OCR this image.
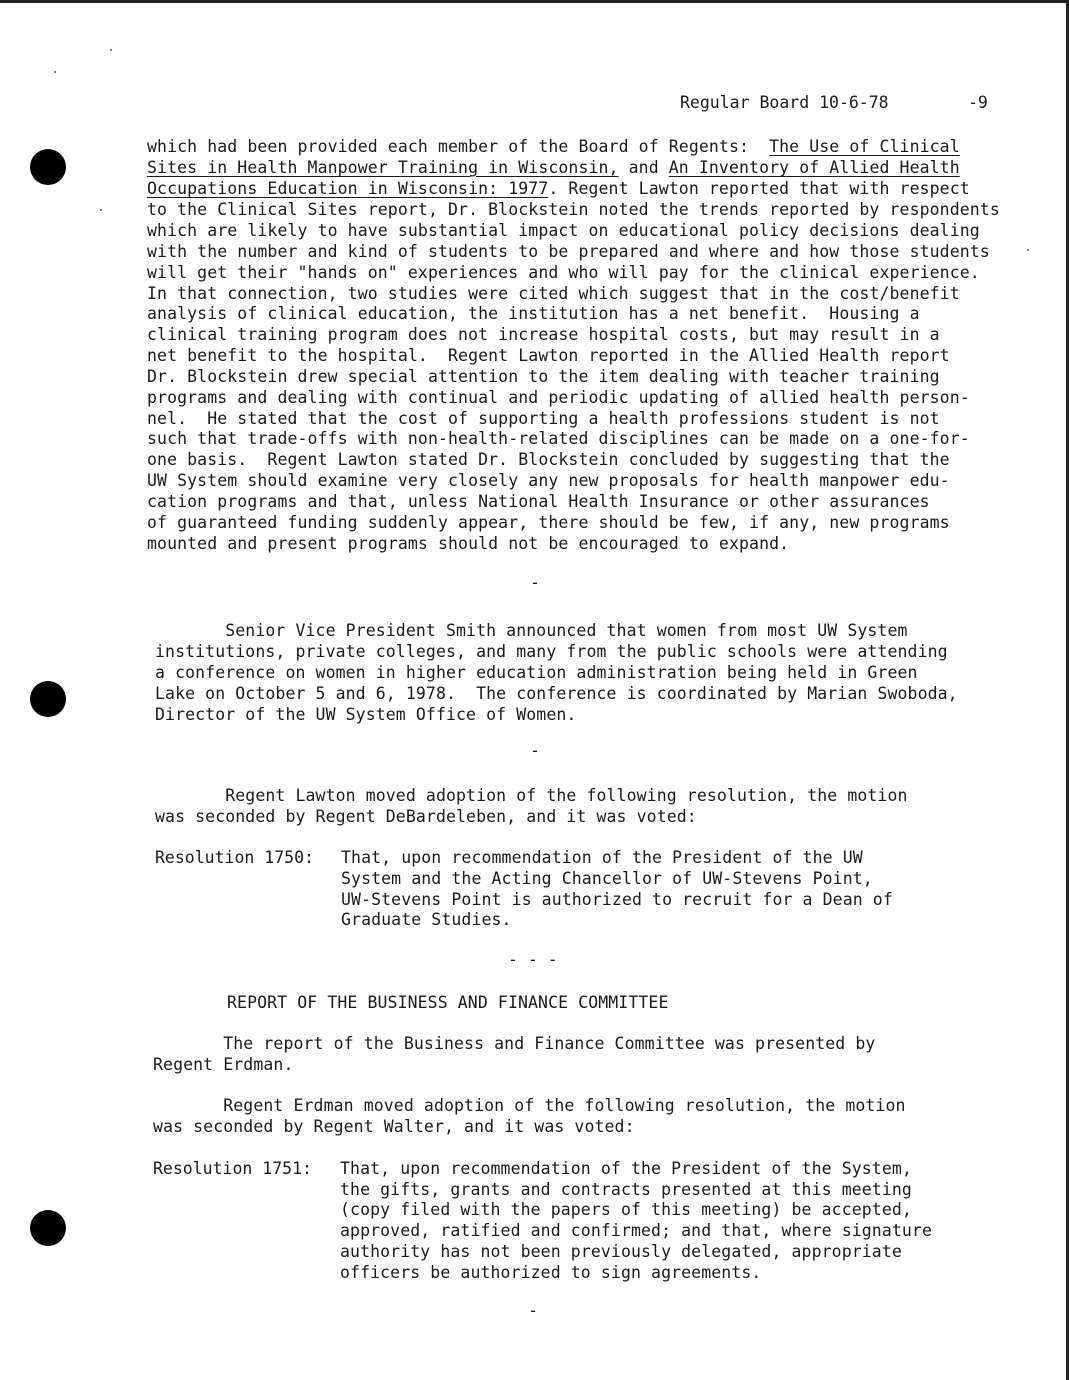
Regular Board 10-6-78	-9
which had been provided each member of the Board of Regents:  The Use of Clinical
Sites in Health Manpower Training in Wisconsin, and An Inventory of Allied Health
Occupations Education in Wisconsin: 1977. Regent Lawton reported that with respect
to the Clinical Sites report, Dr. Blockstein noted the trends reported by respondents
which are likely to have substantial impact on educational policy decisions dealing
with the number and kind of students to be prepared and where and how those students
will get their "hands on" experiences and who will pay for the clinical experience.
In that connection, two studies were cited which suggest that in the cost/benefit
analysis of clinical education, the institution has a net benefit.  Housing a
clinical training program does not increase hospital costs, but may result in a
net benefit to the hospital.  Regent Lawton reported in the Allied Health report
Dr. Blockstein drew special attention to the item dealing with teacher training
programs and dealing with continual and periodic updating of allied health person-
nel.  He stated that the cost of supporting a health professions student is not
such that trade-offs with non-health-related disciplines can be made on a one-for-
one basis.  Regent Lawton stated Dr. Blockstein concluded by suggesting that the
UW System should examine very closely any new proposals for health manpower edu-
cation programs and that, unless National Health Insurance or other assurances
of guaranteed funding suddenly appear, there should be few, if any, new programs
mounted and present programs should not be encouraged to expand.
-
Senior Vice President Smith announced that women from most UW System
institutions, private colleges, and many from the public schools were attending
a conference on women in higher education administration being held in Green
Lake on October 5 and 6, 1978.  The conference is coordinated by Marian Swoboda,
Director of the UW System Office of Women.
-
Regent Lawton moved adoption of the following resolution, the motion
was seconded by Regent DeBardeleben, and it was voted:
Resolution 1750: That, upon recommendation of the President of the UW
System and the Acting Chancellor of UW-Stevens Point,
UW-Stevens Point is authorized to recruit for a Dean of
Graduate Studies.
- - -
REPORT OF THE BUSINESS AND FINANCE COMMITTEE
The report of the Business and Finance Committee was presented by
Regent Erdman.
Regent Erdman moved adoption of the following resolution, the motion
was seconded by Regent Walter, and it was voted:
Resolution 1751: That, upon recommendation of the President of the System,
the gifts, grants and contracts presented at this meeting
(copy filed with the papers of this meeting) be accepted,
approved, ratified and confirmed; and that, where signature
authority has not been previously delegated, appropriate
officers be authorized to sign agreements.
-
